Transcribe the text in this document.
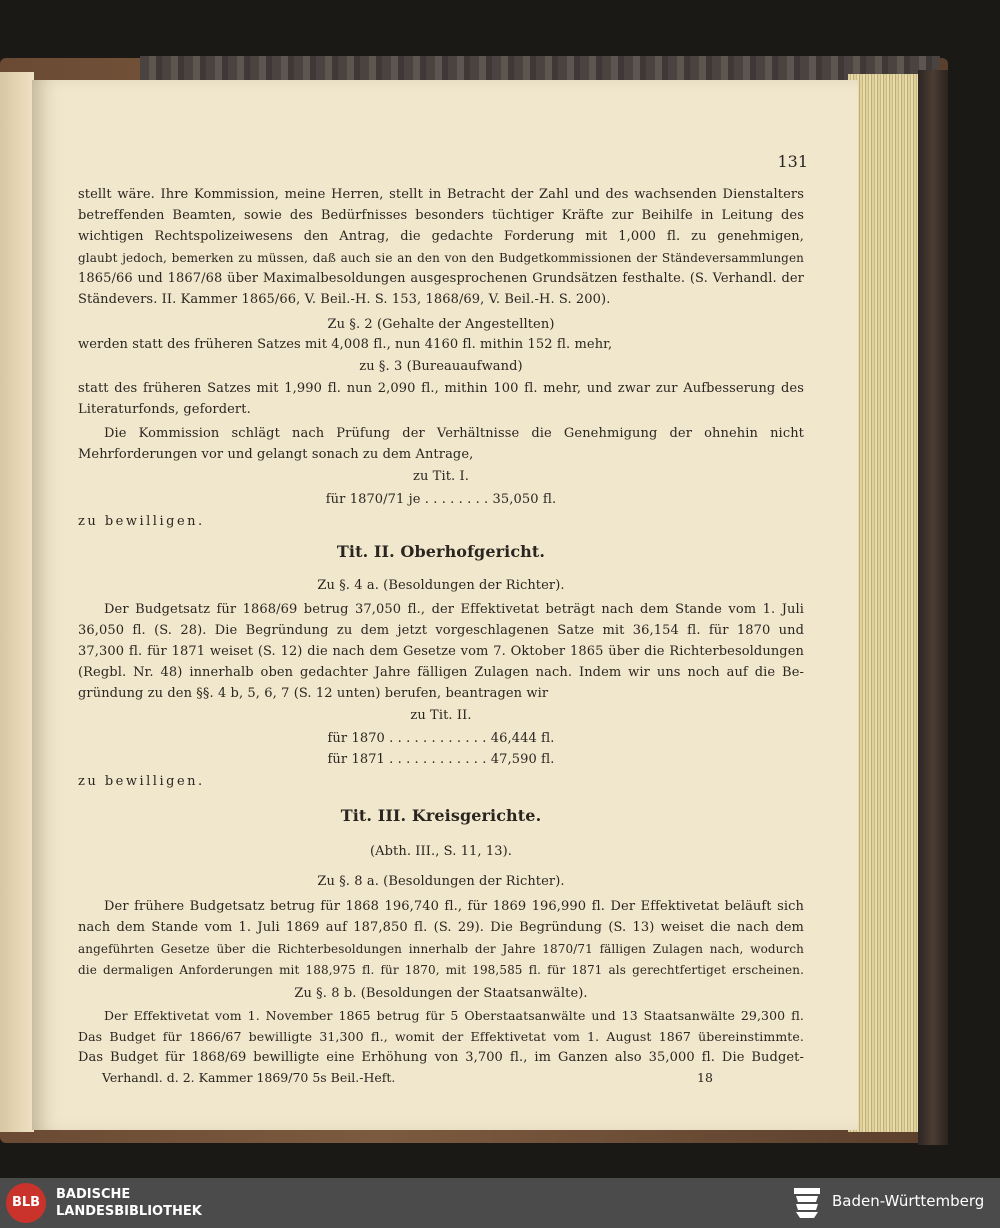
131
stellt wäre. Ihre Kommission, meine Herren, stellt in Betracht der Zahl und des wachsenden Dienstalters
betreffenden Beamten, sowie des Bedürfnisses besonders tüchtiger Kräfte zur Beihilfe in Leitung des
wichtigen Rechtspolizeiwesens den Antrag, die gedachte Forderung mit 1,000 fl. zu genehmigen,
glaubt jedoch, bemerken zu müssen, daß auch sie an den von den Budgetkommissionen der Ständeversammlungen
1865/66 und 1867/68 über Maximalbesoldungen ausgesprochenen Grundsätzen festhalte. (S. Verhandl. der
Ständevers. II. Kammer 1865/66, V. Beil.-H. S. 153, 1868/69, V. Beil.-H. S. 200).
Zu §. 2 (Gehalte der Angestellten)
werden statt des früheren Satzes mit 4,008 fl., nun 4160 fl. mithin 152 fl. mehr,
zu §. 3 (Bureauaufwand)
statt des früheren Satzes mit 1,990 fl. nun 2,090 fl., mithin 100 fl. mehr, und zwar zur Aufbesserung des
Literaturfonds, gefordert.
Die Kommission schlägt nach Prüfung der Verhältnisse die Genehmigung der ohnehin nicht
Mehrforderungen vor und gelangt sonach zu dem Antrage,
zu Tit. I.
für 1870/71 je . . . . . . . . 35,050 fl.
zu bewilligen.
Tit. II. Oberhofgericht.
Zu §. 4 a. (Besoldungen der Richter).
Der Budgetsatz für 1868/69 betrug 37,050 fl., der Effektivetat beträgt nach dem Stande vom 1. Juli
36,050 fl. (S. 28). Die Begründung zu dem jetzt vorgeschlagenen Satze mit 36,154 fl. für 1870 und
37,300 fl. für 1871 weiset (S. 12) die nach dem Gesetze vom 7. Oktober 1865 über die Richterbesoldungen
(Regbl. Nr. 48) innerhalb oben gedachter Jahre fälligen Zulagen nach. Indem wir uns noch auf die Be-
gründung zu den §§. 4 b, 5, 6, 7 (S. 12 unten) berufen, beantragen wir
zu Tit. II.
für 1870 . . . . . . . . . . . . 46,444 fl.
für 1871 . . . . . . . . . . . . 47,590 fl.
zu bewilligen.
Tit. III. Kreisgerichte.
(Abth. III., S. 11, 13).
Zu §. 8 a. (Besoldungen der Richter).
Der frühere Budgetsatz betrug für 1868 196,740 fl., für 1869 196,990 fl. Der Effektivetat beläuft sich
nach dem Stande vom 1. Juli 1869 auf 187,850 fl. (S. 29). Die Begründung (S. 13) weiset die nach dem
angeführten Gesetze über die Richterbesoldungen innerhalb der Jahre 1870/71 fälligen Zulagen nach, wodurch
die dermaligen Anforderungen mit 188,975 fl. für 1870, mit 198,585 fl. für 1871 als gerechtfertiget erscheinen.
Zu §. 8 b. (Besoldungen der Staatsanwälte).
Der Effektivetat vom 1. November 1865 betrug für 5 Oberstaatsanwälte und 13 Staatsanwälte 29,300 fl.
Das Budget für 1866/67 bewilligte 31,300 fl., womit der Effektivetat vom 1. August 1867 übereinstimmte.
Das Budget für 1868/69 bewilligte eine Erhöhung von 3,700 fl., im Ganzen also 35,000 fl. Die Budget-
Verhandl. d. 2. Kammer 1869/70 5s Beil.-Heft.	18
BLB
BADISCHE
LANDESBIBLIOTHEK
Baden-Württemberg
